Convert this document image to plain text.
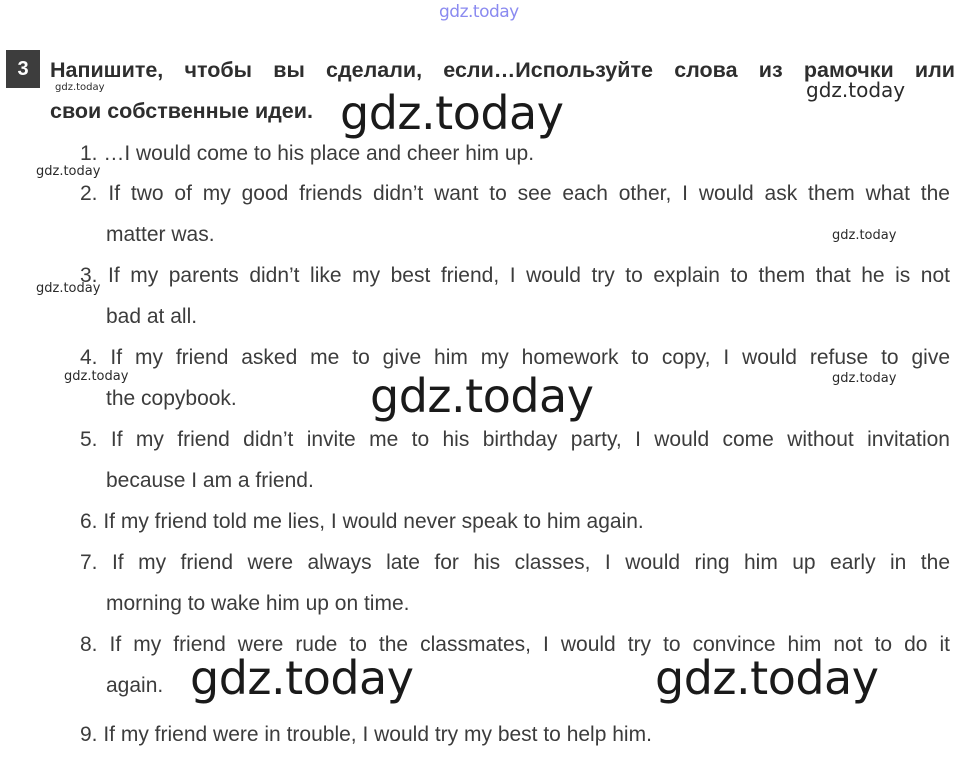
gdz.today
3 Напишите, чтобы вы сделали, если…Используйте слова из рамочки или
свои собственные идеи.
gdz.today	gdz.today
gdz.today
1. …I would come to his place and cheer him up.
gdz.today
2. If two of my good friends didn’t want to see each other, I would ask them what the
matter was.	gdz.today
3. If my parents didn’t like my best friend, I would try to explain to them that he is not
gdz.today
bad at all.
4. If my friend asked me to give him my homework to copy, I would refuse to give
gdz.today	gdz.today
the copybook.	gdz.today
5. If my friend didn’t invite me to his birthday party, I would come without invitation
because I am a friend.
6. If my friend told me lies, I would never speak to him again.
7. If my friend were always late for his classes, I would ring him up early in the
morning to wake him up on time.
8. If my friend were rude to the classmates, I would try to convince him not to do it
again. gdz.today	gdz.today
9. If my friend were in trouble, I would try my best to help him.
